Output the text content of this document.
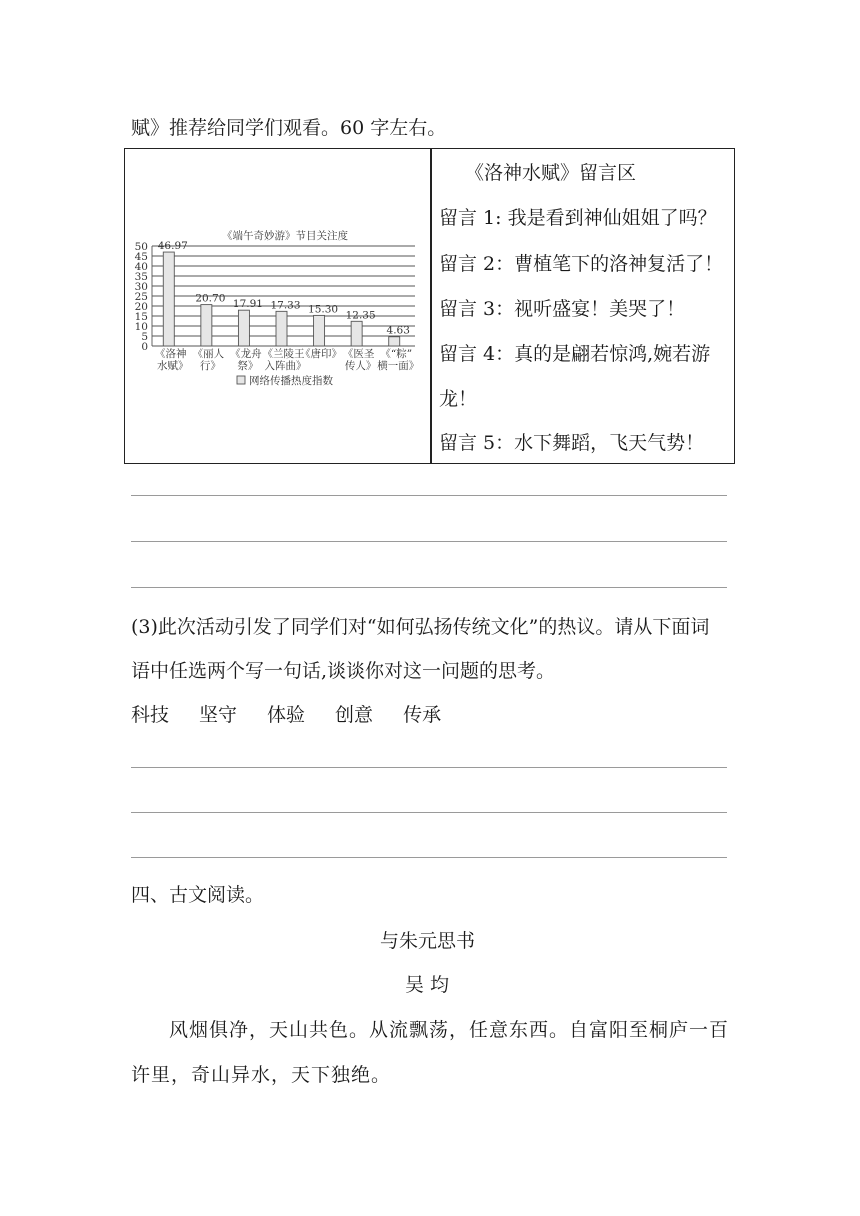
赋》推荐给同学们观看。60 字左右。
《端午奇妙游》节目关注度
0
5
10
15
20
25
30
35
40
45
50 46.97
《洛神
水赋》
20.70
《丽人
行》
17.91
《龙舟
祭》
17.33
《兰陵王
入阵曲》
15.30
《唐印》
12.35
《医圣
传人》
4.63
《“粽”
横一面》
网络传播热度指数
《洛神水赋》留言区
留言 1: 我是看到神仙姐姐了吗？
留言 2：曹植笔下的洛神复活了！
留言 3：视听盛宴！美哭了！
留言 4：真的是翩若惊鸿,婉若游
龙！
留言 5：水下舞蹈，飞天气势！
(3)此次活动引发了同学们对“如何弘扬传统文化”的热议。请从下面词
语中任选两个写一句话,谈谈你对这一问题的思考。
科技 坚守 体验 创意 传承
四、古文阅读。
与朱元思书
吴 均
风烟俱净，天山共色。从流飘荡，任意东西。自富阳至桐庐一百
许里，奇山异水，天下独绝。
